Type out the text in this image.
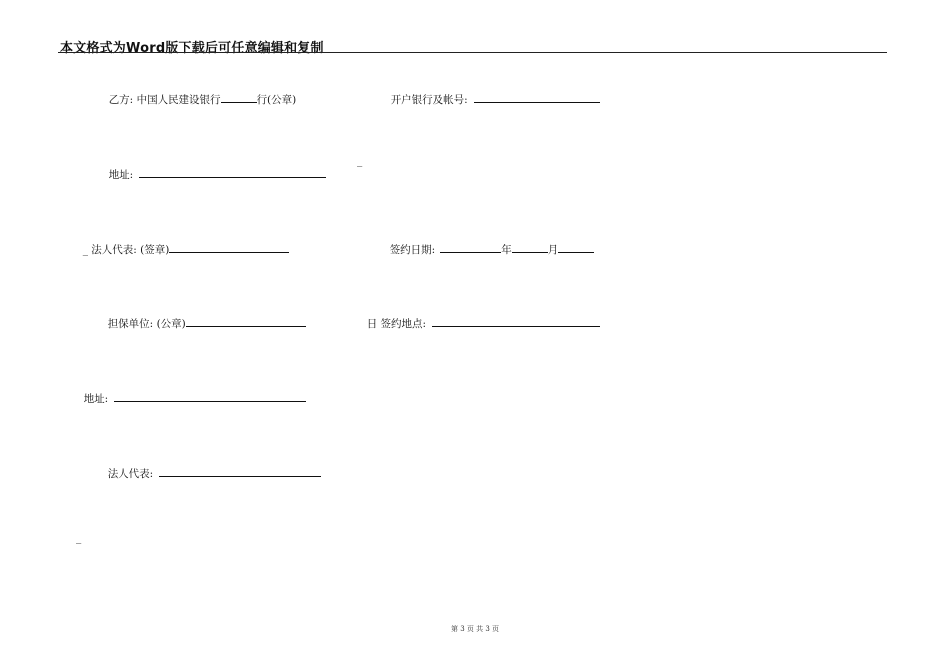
本文格式为Word版下载后可任意编辑和复制

乙方: 中国人民建设银行	行(公章)	开户银行及帐号:

地址:

_

_ 法人代表: (签章)	签约日期:	年	月

担保单位: (公章)	日 签约地点:

地址:

法人代表:

_
第 3 页 共 3 页
